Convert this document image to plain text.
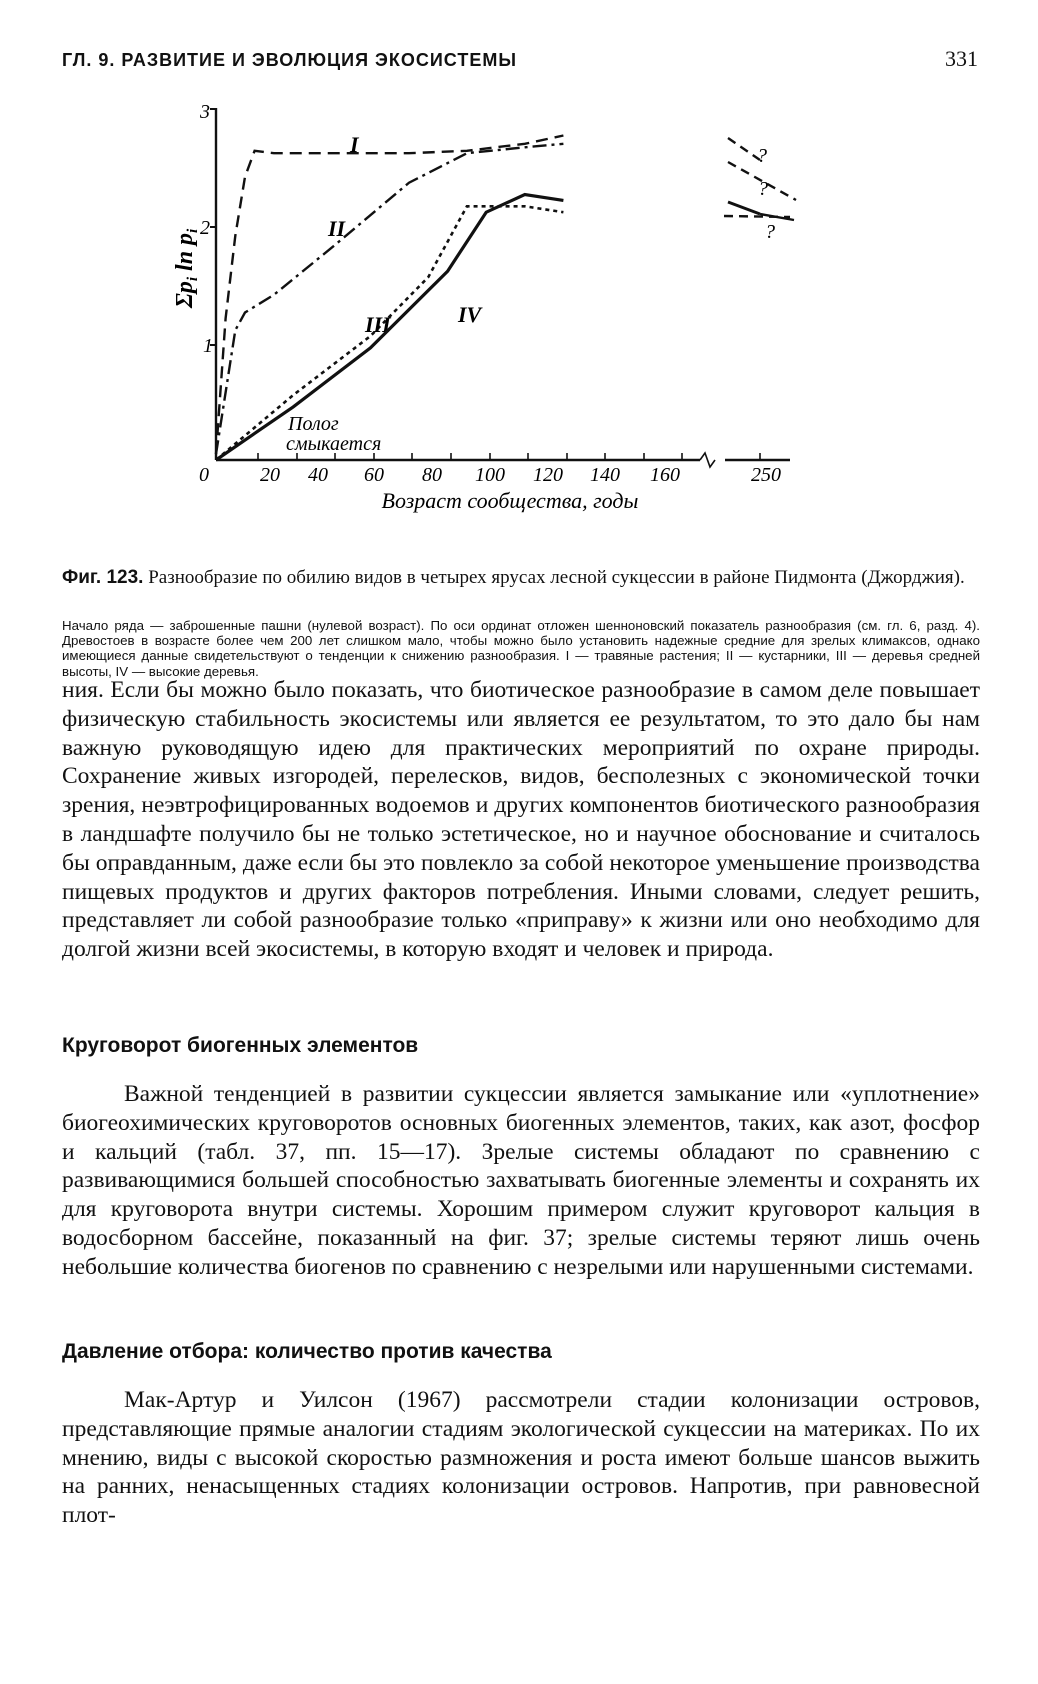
ГЛ. 9. РАЗВИТИЕ И ЭВОЛЮЦИЯ ЭКОСИСТЕМЫ	331
1
2
3
$\Sigma p_i$ $\ln p_i$
0	20 40 60 80 100 120 140 160	250
Возраст сообщества, годы
I
II
III	IV
?
?
?
Полог
смыкается
Фиг. 123. Разнообразие по обилию видов в четырех ярусах лесной сукцессии в районе Пидмонта (Джорджия).
Начало ряда — заброшенные пашни (нулевой возраст). По оси ординат отложен шенноновский показатель разнообразия (см. гл. 6, разд. 4). Древостоев в возрасте более чем 200 лет слишком мало, чтобы можно было установить надежные средние для зрелых климаксов, однако имеющиеся данные свидетельствуют о тенденции к снижению разнообразия. I — травяные растения; II — кустарники, III — деревья средней высоты, IV — высокие деревья.

ния. Если бы можно было показать, что биотическое разнообразие в самом деле повышает физическую стабильность экосистемы или является ее результатом, то это дало бы нам важную руководящую идею для практических мероприятий по охране природы. Сохранение живых изгородей, перелесков, видов, бесполезных с экономической точки зрения, неэвтрофицированных водоемов и других компонентов биотического разнообразия в ландшафте получило бы не только эстетическое, но и научное обоснование и считалось бы оправданным, даже если бы это повлекло за собой некоторое уменьшение производства пищевых продуктов и других факторов потребления. Иными словами, следует решить, представляет ли собой разнообразие только «приправу» к жизни или оно необходимо для долгой жизни всей экосистемы, в которую входят и человек и природа.

Круговорот биогенных элементов

Важной тенденцией в развитии сукцессии является замыкание или «уплотнение» биогеохимических круговоротов основных биогенных элементов, таких, как азот, фосфор и кальций (табл. 37, пп. 15—17). Зрелые системы обладают по сравнению с развивающимися большей способностью захватывать биогенные элементы и сохранять их для круговорота внутри системы. Хорошим примером служит круговорот кальция в водосборном бассейне, показанный на фиг. 37; зрелые системы теряют лишь очень небольшие количества биогенов по сравнению с незрелыми или нарушенными системами.

Давление отбора: количество против качества

Мак-Артур и Уилсон (1967) рассмотрели стадии колонизации островов, представляющие прямые аналогии стадиям экологической сукцессии на материках. По их мнению, виды с высокой скоростью размножения и роста имеют больше шансов выжить на ранних, ненасыщенных стадиях колонизации островов. Напротив, при равновесной плот-
